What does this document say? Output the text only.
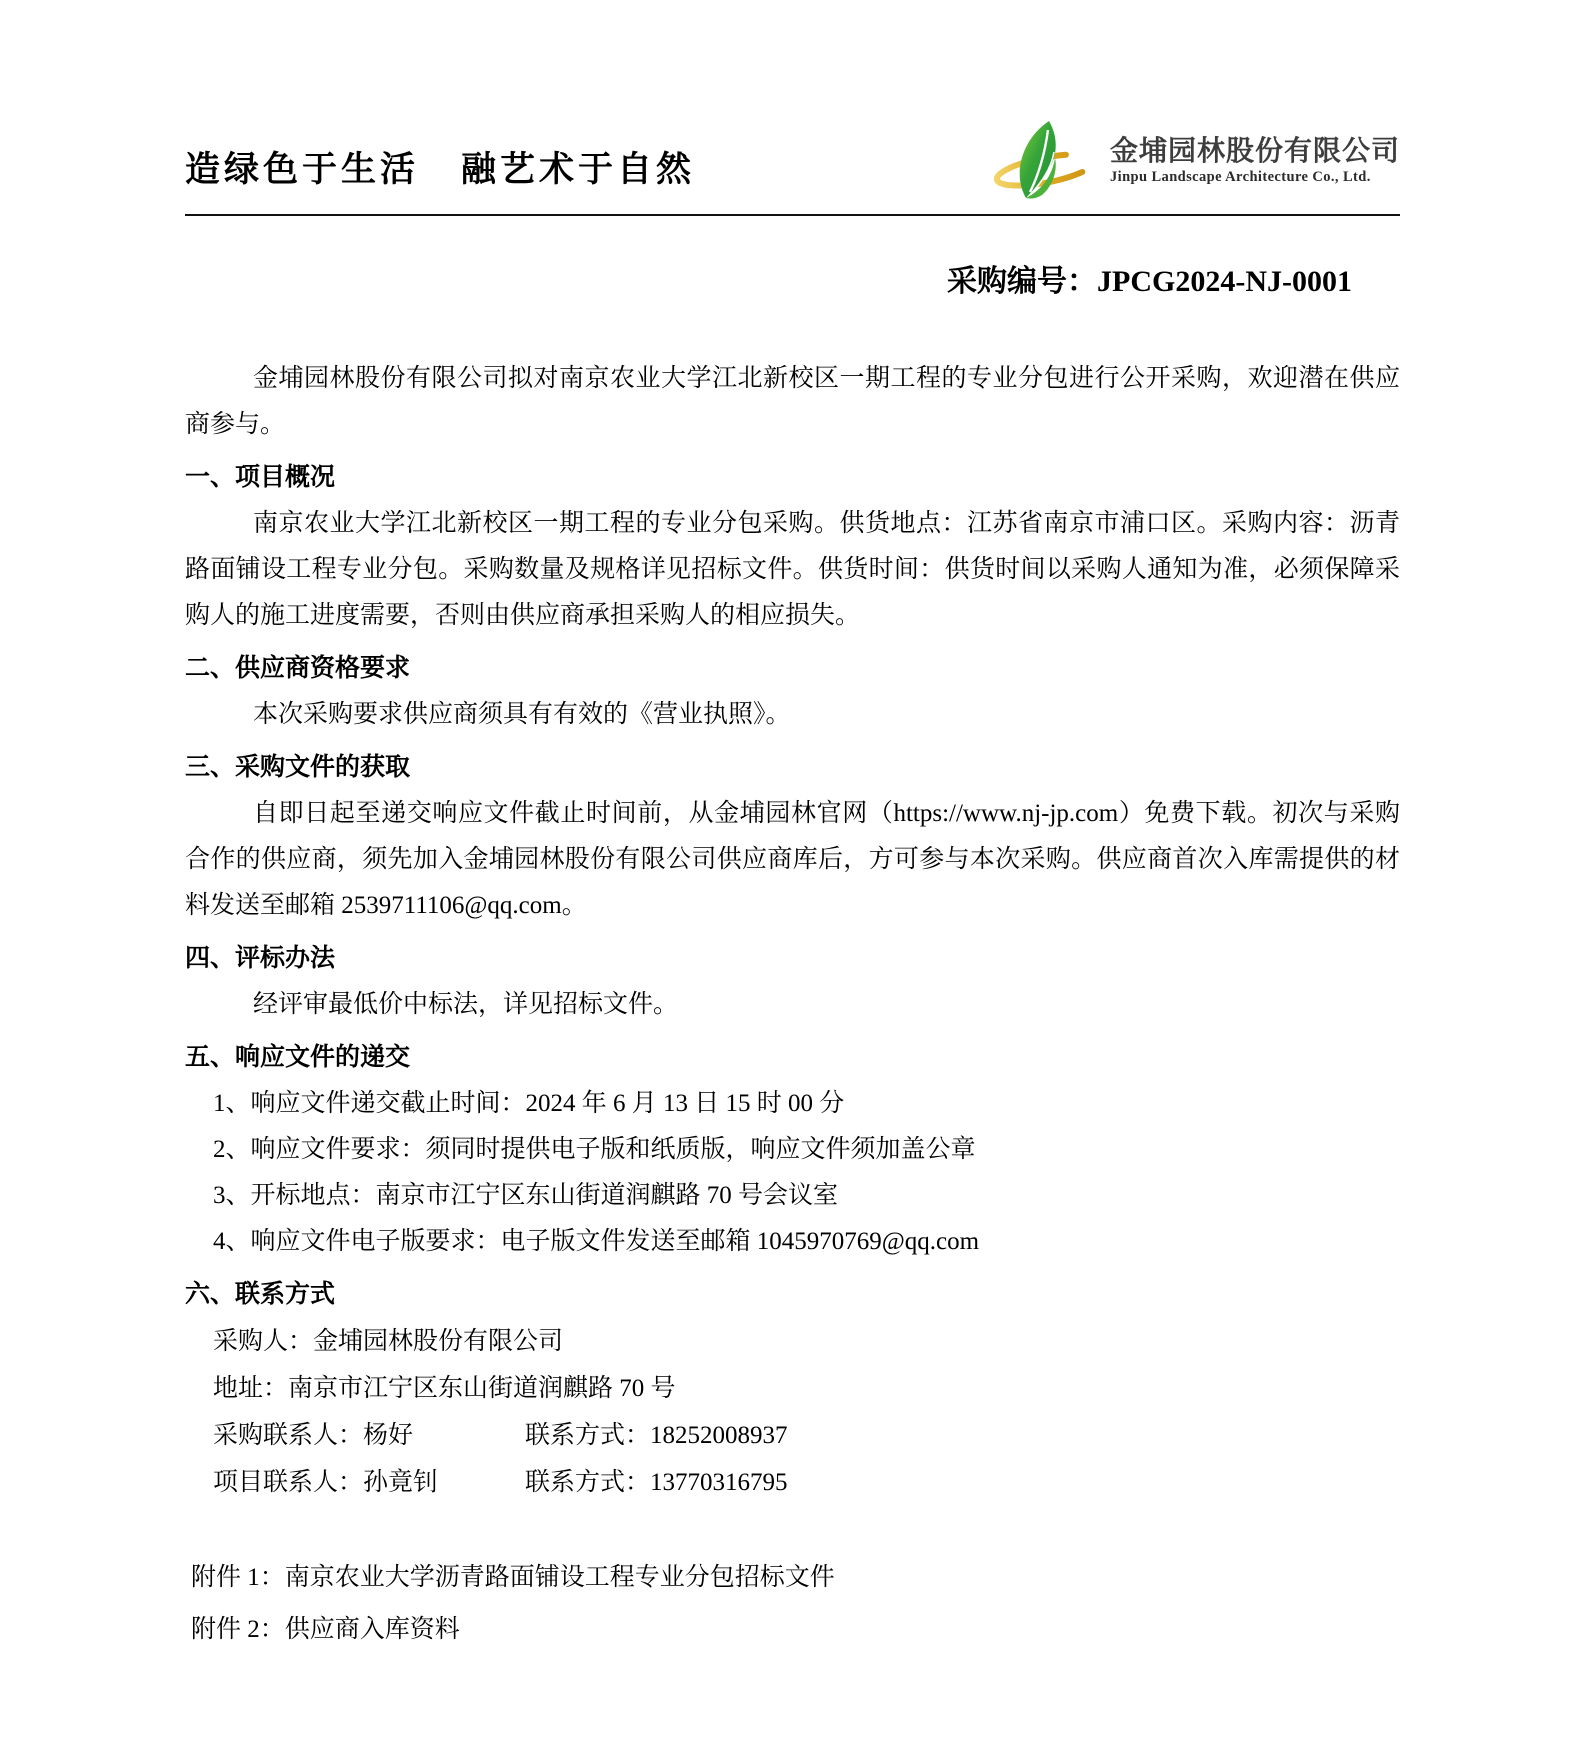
造绿色于生活 融艺术于自然	金埔园林股份有限公司
Jinpu Landscape Architecture Co., Ltd.
采购编号：JPCG2024-NJ-0001

金埔园林股份有限公司拟对南京农业大学江北新校区一期工程的专业分包进行公开采购，欢迎潜在供应商参与。

一、项目概况

南京农业大学江北新校区一期工程的专业分包采购。供货地点：江苏省南京市浦口区。采购内容：沥青路面铺设工程专业分包。采购数量及规格详见招标文件。供货时间：供货时间以采购人通知为准，必须保障采购人的施工进度需要，否则由供应商承担采购人的相应损失。

二、供应商资格要求

本次采购要求供应商须具有有效的《营业执照》。

三、采购文件的获取

自即日起至递交响应文件截止时间前，从金埔园林官网（https://www.nj-jp.com）免费下载。初次与采购合作的供应商，须先加入金埔园林股份有限公司供应商库后，方可参与本次采购。供应商首次入库需提供的材料发送至邮箱 2539711106@qq.com。

四、评标办法

经评审最低价中标法，详见招标文件。

五、响应文件的递交

1、响应文件递交截止时间：2024 年 6 月 13 日 15 时 00 分

2、响应文件要求：须同时提供电子版和纸质版，响应文件须加盖公章

3、开标地点：南京市江宁区东山街道润麒路 70 号会议室

4、响应文件电子版要求：电子版文件发送至邮箱 1045970769@qq.com

六、联系方式

采购人：金埔园林股份有限公司

地址：南京市江宁区东山街道润麒路 70 号

采购联系人：杨好	联系方式：18252008937
项目联系人：孙竟钊	联系方式：13770316795

附件 1：南京农业大学沥青路面铺设工程专业分包招标文件

附件 2：供应商入库资料
